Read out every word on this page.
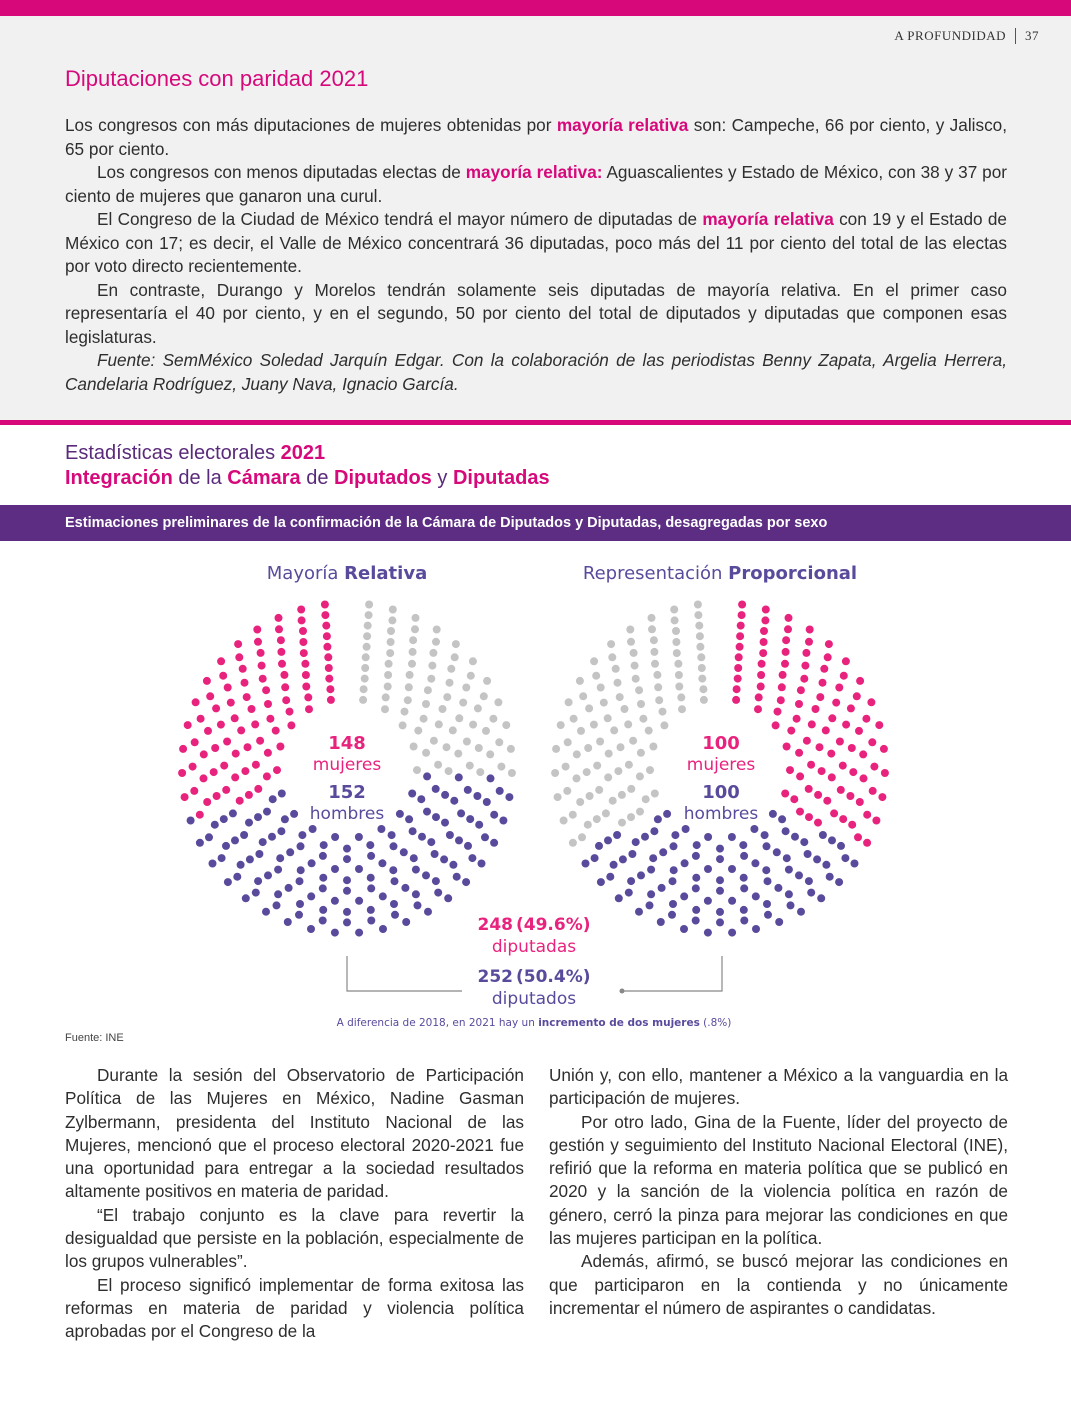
A PROFUNDIDAD 37
Diputaciones con paridad 2021

Los congresos con más diputaciones de mujeres obtenidas por mayoría relativa son: Campeche, 66 por ciento, y Jalisco, 65 por ciento.

Los congresos con menos diputadas electas de mayoría relativa: Aguascalientes y Estado de México, con 38 y 37 por ciento de mujeres que ganaron una curul.

El Congreso de la Ciudad de México tendrá el mayor número de diputadas de mayoría relativa con 19 y el Estado de México con 17; es decir, el Valle de México concentrará 36 diputadas, poco más del 11 por ciento del total de las electas por voto directo recientemente.

En contraste, Durango y Morelos tendrán solamente seis diputadas de mayoría relativa. En el primer caso representaría el 40 por ciento, y en el segundo, 50 por ciento del total de diputados y diputadas que componen esas legislaturas.

Fuente: SemMéxico Soledad Jarquín Edgar. Con la colaboración de las periodistas Benny Zapata, Argelia Herrera, Candelaria Rodríguez, Juany Nava, Ignacio García.

Estadísticas electorales 2021
Integración de la Cámara de Diputados y Diputadas
Estimaciones preliminares de la confirmación de la Cámara de Diputados y Diputadas, desagregadas por sexo
Mayoría Relativa	Representación Proporcional
148
mujeres
152
hombres
100
mujeres
100
hombres
248 (49.6%)
diputadas
252 (50.4%)
diputados
A diferencia de 2018, en 2021 hay un incremento de dos mujeres (.8%)
Fuente: INE

Durante la sesión del Observatorio de Participación Política de las Mujeres en México, Nadine Gasman Zylbermann, presidenta del Instituto Nacional de las Mujeres, mencionó que el proceso electoral 2020-2021 fue una oportunidad para entregar a la sociedad resultados altamente positivos en materia de paridad.

“El trabajo conjunto es la clave para revertir la desigualdad que persiste en la población, especialmente de los grupos vulnerables”.

El proceso significó implementar de forma exitosa las reformas en materia de paridad y violencia política aprobadas por el Congreso de la

Unión y, con ello, mantener a México a la vanguardia en la participación de mujeres.

Por otro lado, Gina de la Fuente, líder del proyecto de gestión y seguimiento del Instituto Nacional Electoral (INE), refirió que la reforma en materia política que se publicó en 2020 y la sanción de la violencia política en razón de género, cerró la pinza para mejorar las condiciones en que las mujeres participan en la política.

Además, afirmó, se buscó mejorar las condiciones en que participaron en la contienda y no únicamente incrementar el número de aspirantes o candidatas.
